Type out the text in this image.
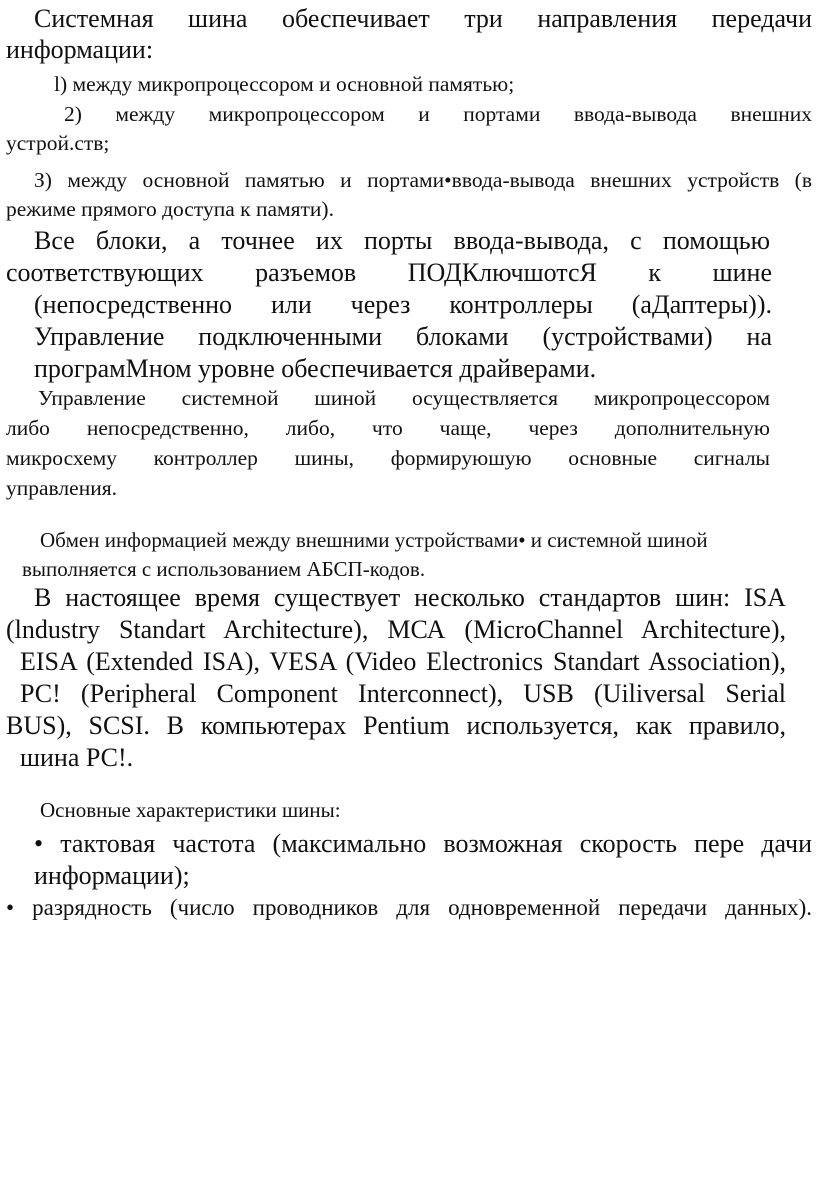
Системная шина обеспечивает три направления передачи

информации:

l) между микропроцессором и основной памятью;

2) между микропроцессором и портами ввода-вывода внешних

устрой.ств;

З) между основной памятью и портами•ввода-вывода внешних устройств (в

режиме прямого доступа к памяти).

Все блоки, а точнее их порты ввода-вывода, с помощью

соответствующих разъемов ПОДКлючшотсЯ к шине

(непосредственно или через контроллеры (аДаптеры)).

Управление подключенными блоками (устройствами) на

програмМном уровне обеспечивается драйверами.

Управление системной шиной осуществляется микропроцессором

либо непосредственно, либо, что чаще, через дополнительную

микросхему контроллер шины, формируюшую основные сигналы

управления.

Обмен информацией между внешними устройствами• и системной шиной

выполняется с использованием АБСП-кодов.

В настоящее время существует несколько стандартов шин: ISA

(lndustry Standart Architecture), МСА (MicroChannel Architecture),

EISA (Extended ISA), VESA (Video Electronics Standart Association),

РС! (Peripheral Component Interconnect), USB (Uiliversal Serial

BUS), SCSI. В компьютерах Pentium используется, как правило,

шина РС!.

Основные характеристики шины:

• тактовая частота (максимально возможная скорость пере дачи

информации);

• разрядность (число проводников для одновременной передачи данных).
